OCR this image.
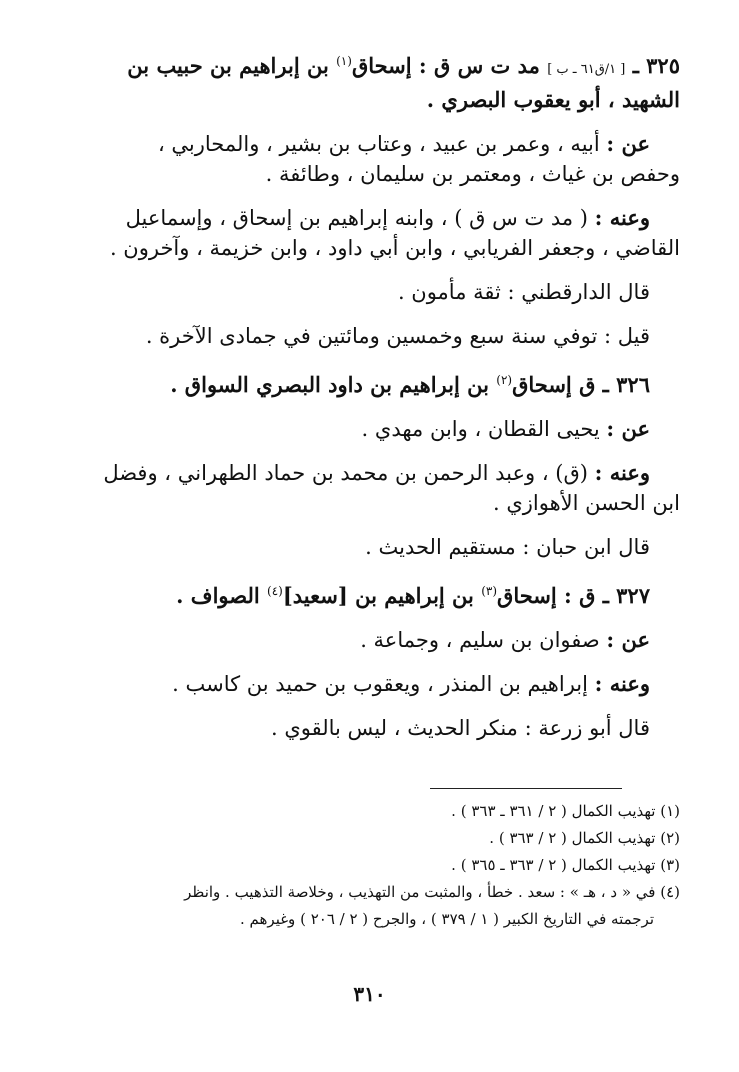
٣٢٥ ـ [ ١/ق٦١ ـ ب ] مد ت س ق : إسحاق$^{(١)}$ بن إبراهيم بن حبيب بن
الشهيد ، أبو يعقوب البصري .
عن : أبيه ، وعمر بن عبيد ، وعتاب بن بشير ، والمحاربي ،
وحفص بن غياث ، ومعتمر بن سليمان ، وطائفة .
وعنه : ( مد ت س ق ) ، وابنه إبراهيم بن إسحاق ، وإسماعيل
القاضي ، وجعفر الفريابي ، وابن أبي داود ، وابن خزيمة ، وآخرون .
قال الدارقطني : ثقة مأمون .
قيل : توفي سنة سبع وخمسين ومائتين في جمادى الآخرة .
٣٢٦ ـ ق إسحاق$^{(٢)}$ بن إبراهيم بن داود البصري السواق .
عن : يحيى القطان ، وابن مهدي .
وعنه : (ق) ، وعبد الرحمن بن محمد بن حماد الطهراني ، وفضل
ابن الحسن الأهوازي .
قال ابن حبان : مستقيم الحديث .
٣٢٧ ـ ق : إسحاق$^{(٣)}$ بن إبراهيم بن [سعيد]$^{(٤)}$ الصواف .
عن : صفوان بن سليم ، وجماعة .
وعنه : إبراهيم بن المنذر ، ويعقوب بن حميد بن كاسب .
قال أبو زرعة : منكر الحديث ، ليس بالقوي .
(١) تهذيب الكمال ( ٢ / ٣٦١ ـ ٣٦٣ ) .
(٢) تهذيب الكمال ( ٢ / ٣٦٣ ) .
(٣) تهذيب الكمال ( ٢ / ٣٦٣ ـ ٣٦٥ ) .
(٤) في « د ، هـ » : سعد . خطأ ، والمثبت من التهذيب ، وخلاصة التذهيب . وانظر
ترجمته في التاريخ الكبير ( ١ / ٣٧٩ ) ، والجرح ( ٢ / ٢٠٦ ) وغيرهم .
٣١٠
